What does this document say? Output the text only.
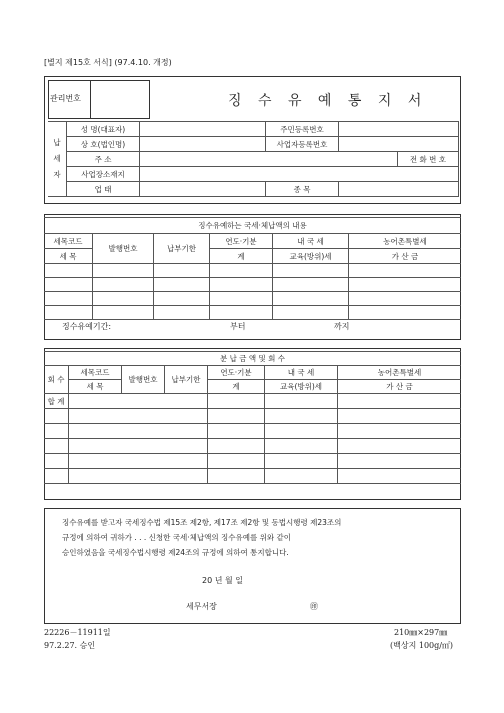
[별지 제15호 서식] (97.4.10. 개정)
관리번호	징 수 유 예 통 지 서
납
세
자	성 명(대표자)		주민등록번호		
	상 호(법인명)		사업자등록번호		
	주 소				전 화 번 호
	사업장소재지				
	업 태		종 목		
징수유예하는 국세·체납액의 내용					
세목코드	발행번호	납부기한	연도·기분	내 국 세	농어촌특별세
세 목			계	교육(방위)세	가 산 금

징수유예기간:	부터	까지
분 납 금 액 및 회 수						
회 수	세목코드	발행번호	납부기한	연도·기분	내 국 세	농어촌특별세
	세 목			계	교육(방위)세	가 산 금
합 계						

징수유예를 받고자 국세징수법 제15조 제2항, 제17조 제2항 및 동법시행령 제23조의
규정에 의하여 귀하가 . . . 신청한 국세·체납액의 징수유예를 위와 같이
승인하였음을 국세징수법시행령 제24조의 규정에 의하여 통지합니다.
20 년 월 일
세무서장	㊞
22226－11911일
97.2.27. 승인
210㎜×297㎜
(백상지 100g/㎡)
